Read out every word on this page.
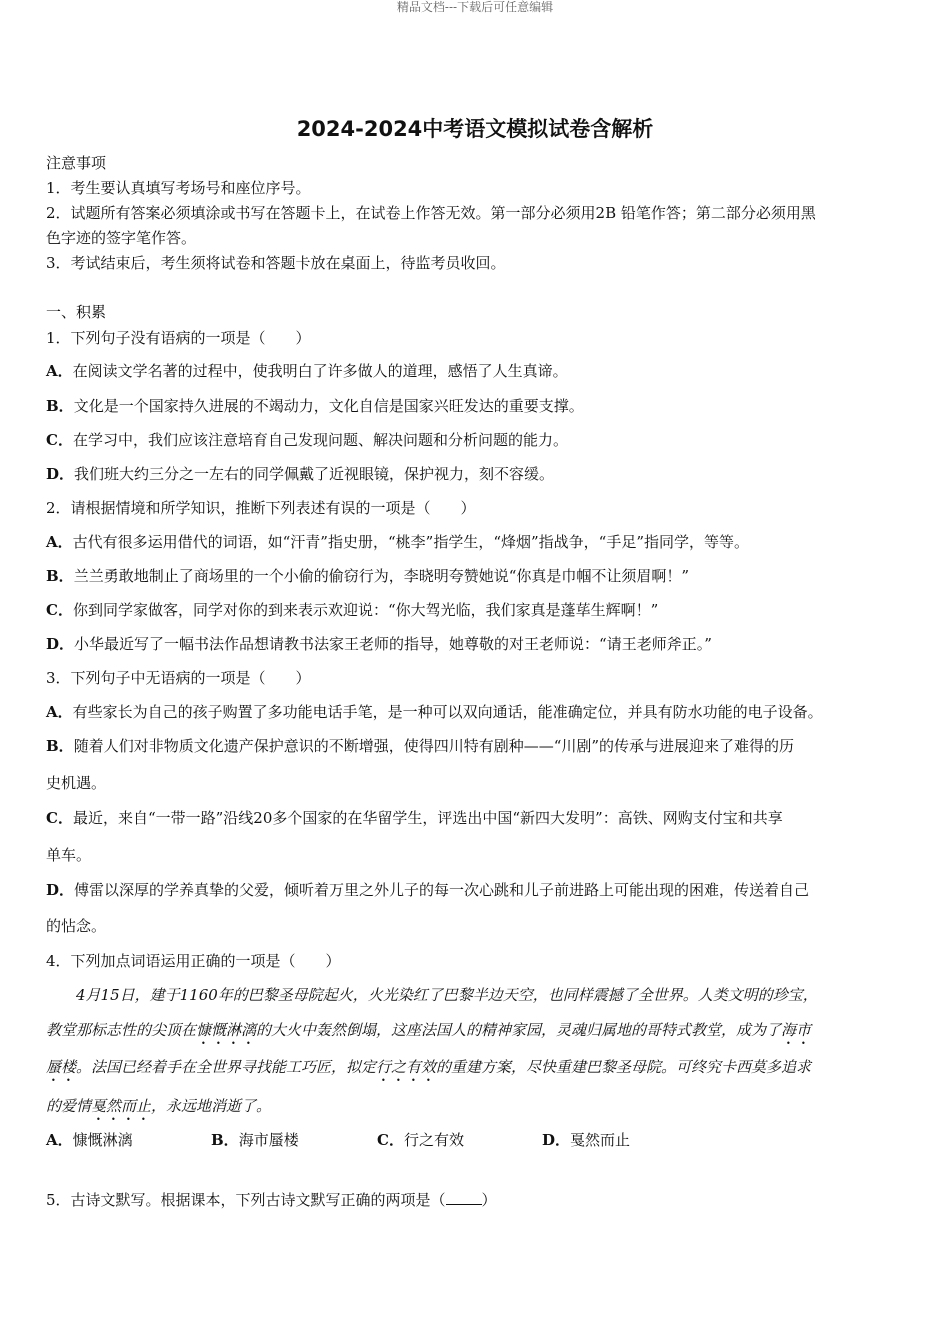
精品文档---下载后可任意编辑
2024-2024中考语文模拟试卷含解析
注意事项
1．考生要认真填写考场号和座位序号。
2．试题所有答案必须填涂或书写在答题卡上，在试卷上作答无效。第一部分必须用2B 铅笔作答；第二部分必须用黑
色字迹的签字笔作答。
3．考试结束后，考生须将试卷和答题卡放在桌面上，待监考员收回。
一、积累
1．下列句子没有语病的一项是（　　）
A．在阅读文学名著的过程中，使我明白了许多做人的道理，感悟了人生真谛。
B．文化是一个国家持久进展的不竭动力，文化自信是国家兴旺发达的重要支撑。
C．在学习中，我们应该注意培育自己发现问题、解决问题和分析问题的能力。
D．我们班大约三分之一左右的同学佩戴了近视眼镜，保护视力，刻不容缓。
2．请根据情境和所学知识，推断下列表述有误的一项是（　　）
A．古代有很多运用借代的词语，如“汗青”指史册，“桃李”指学生，“烽烟”指战争，“手足”指同学，等等。
B．兰兰勇敢地制止了商场里的一个小偷的偷窃行为，李晓明夸赞她说“你真是巾帼不让须眉啊！”
C．你到同学家做客，同学对你的到来表示欢迎说：“你大驾光临，我们家真是蓬荜生辉啊！”
D．小华最近写了一幅书法作品想请教书法家王老师的指导，她尊敬的对王老师说：“请王老师斧正。”
3．下列句子中无语病的一项是（　　）
A．有些家长为自己的孩子购置了多功能电话手笔，是一种可以双向通话，能准确定位，并具有防水功能的电子设备。
B．随着人们对非物质文化遗产保护意识的不断增强，使得四川特有剧种——“川剧”的传承与进展迎来了难得的历
史机遇。
C．最近，来自“一带一路”沿线20多个国家的在华留学生，评选出中国“新四大发明”：高铁、网购支付宝和共享
单车。
D．傅雷以深厚的学养真挚的父爱，倾听着万里之外儿子的每一次心跳和儿子前进路上可能出现的困难，传送着自己
的怗念。
4．下列加点词语运用正确的一项是（　　）
4月15日，建于1160年的巴黎圣母院起火，火光染红了巴黎半边天空，也同样震撼了全世界。人类文明的珍宝，
教堂那标志性的尖顶在慷慨淋漓的大火中轰然倒塌，这座法国人的精神家园，灵魂归属地的哥特式教堂，成为了海市
蜃楼。法国已经着手在全世界寻找能工巧匠，拟定行之有效的重建方案，尽快重建巴黎圣母院。可终究卡西莫多追求
的爱情戛然而止，永远地消逝了。
A．慷慨淋漓	B．海市蜃楼	C．行之有效	D．戛然而止
5．古诗文默写。根据课本，下列古诗文默写正确的两项是（ ）
